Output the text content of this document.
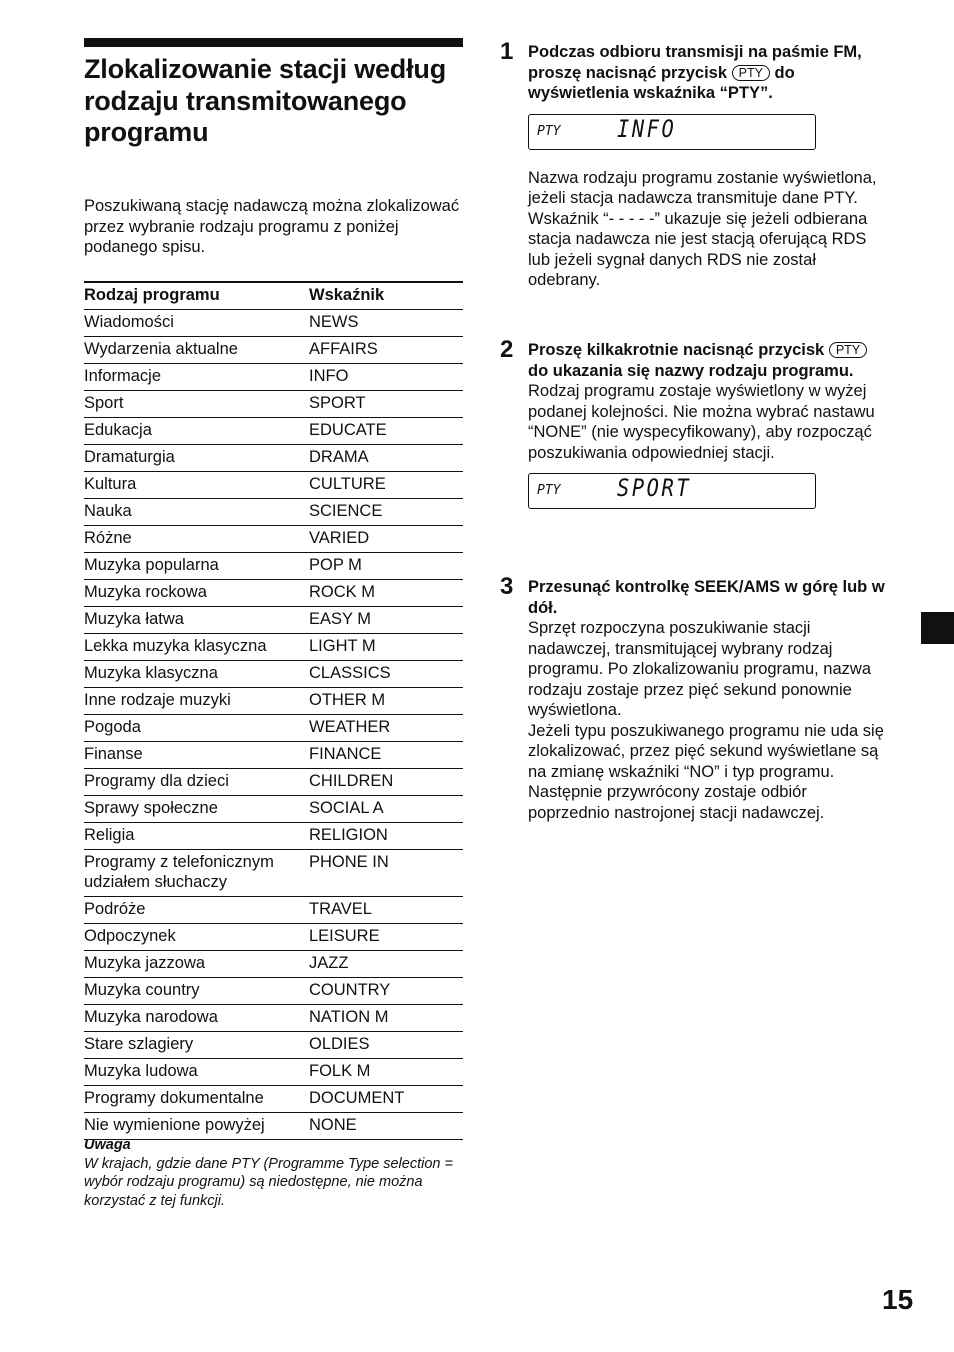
Zlokalizowanie stacji według rodzaju transmitowanego programu

Poszukiwaną stację nadawczą można zlokalizować przez wybranie rodzaju programu z poniżej podanego spisu.

Rodzaj programu	Wskaźnik
Wiadomości	NEWS
Wydarzenia aktualne	AFFAIRS
Informacje	INFO
Sport	SPORT
Edukacja	EDUCATE
Dramaturgia	DRAMA
Kultura	CULTURE
Nauka	SCIENCE
Różne	VARIED
Muzyka popularna	POP M
Muzyka rockowa	ROCK M
Muzyka łatwa	EASY M
Lekka muzyka klasyczna	LIGHT M
Muzyka klasyczna	CLASSICS
Inne rodzaje muzyki	OTHER M
Pogoda	WEATHER
Finanse	FINANCE
Programy dla dzieci	CHILDREN
Sprawy społeczne	SOCIAL A
Religia	RELIGION
Programy z telefonicznym udziałem słuchaczy	PHONE IN
Podróże	TRAVEL
Odpoczynek	LEISURE
Muzyka jazzowa	JAZZ
Muzyka country	COUNTRY
Muzyka narodowa	NATION M
Stare szlagiery	OLDIES
Muzyka ludowa	FOLK M
Programy dokumentalne	DOCUMENT
Nie wymienione powyżej	NONE
Uwaga
W krajach, gdzie dane PTY (Programme Type selection = wybór rodzaju programu) są niedostępne, nie można korzystać z tej funkcji.
1 Podczas odbioru transmisji na paśmie FM, proszę nacisnąć przycisk PTY do wyświetlenia wskaźnika “PTY”.
PTY INFO
Nazwa rodzaju programu zostanie wyświetlona, jeżeli stacja nadawcza transmituje dane PTY. Wskaźnik “- - - - -” ukazuje się jeżeli odbierana stacja nadawcza nie jest stacją oferującą RDS lub jeżeli sygnał danych RDS nie został odebrany.
2 Proszę kilkakrotnie nacisnąć przycisk PTY do ukazania się nazwy rodzaju programu.
Rodzaj programu zostaje wyświetlony w wyżej podanej kolejności. Nie można wybrać nastawu “NONE” (nie wyspecyfikowany), aby rozpocząć poszukiwania odpowiedniej stacji.
PTY SPORT
3 Przesunąć kontrolkę SEEK/AMS w górę lub w dół.
Sprzęt rozpoczyna poszukiwanie stacji nadawczej, transmitującej wybrany rodzaj programu. Po zlokalizowaniu programu, nazwa rodzaju zostaje przez pięć sekund ponownie wyświetlona.
Jeżeli typu poszukiwanego programu nie uda się zlokalizować, przez pięć sekund wyświetlane są na zmianę wskaźniki “NO” i typ programu. Następnie przywrócony zostaje odbiór poprzednio nastrojonej stacji nadawczej.
15
